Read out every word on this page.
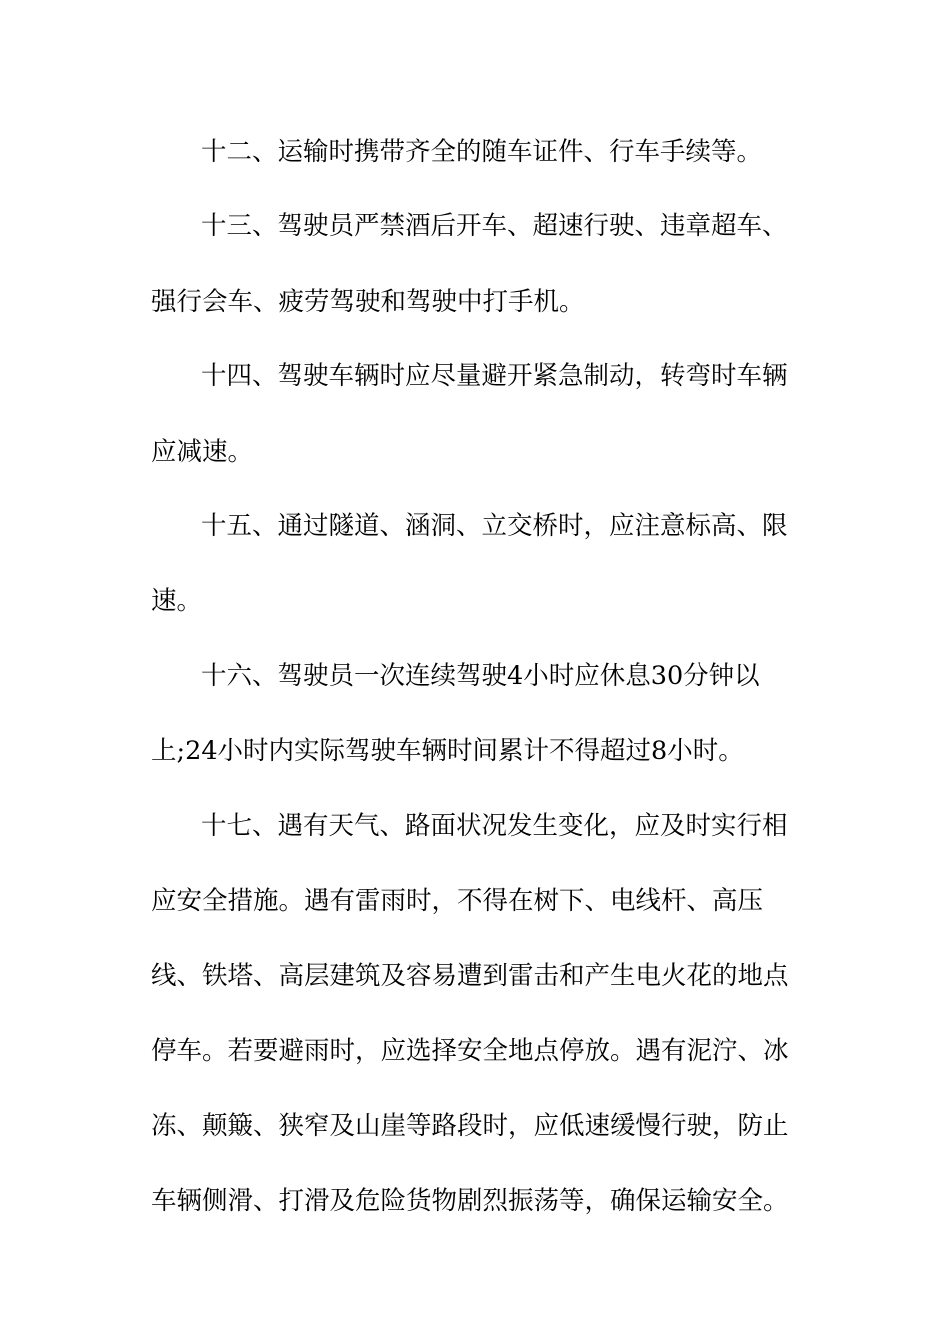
十二、运输时携带齐全的随车证件、行车手续等。
十三、驾驶员严禁酒后开车、超速行驶、违章超车、
强行会车、疲劳驾驶和驾驶中打手机。
十四、驾驶车辆时应尽量避开紧急制动，转弯时车辆
应减速。
十五、通过隧道、涵洞、立交桥时，应注意标高、限
速。
十六、驾驶员一次连续驾驶4小时应休息30分钟以
上;24小时内实际驾驶车辆时间累计不得超过8小时。
十七、遇有天气、路面状况发生变化，应及时实行相
应安全措施。遇有雷雨时，不得在树下、电线杆、高压
线、铁塔、高层建筑及容易遭到雷击和产生电火花的地点
停车。若要避雨时，应选择安全地点停放。遇有泥泞、冰
冻、颠簸、狭窄及山崖等路段时，应低速缓慢行驶，防止
车辆侧滑、打滑及危险货物剧烈振荡等，确保运输安全。
